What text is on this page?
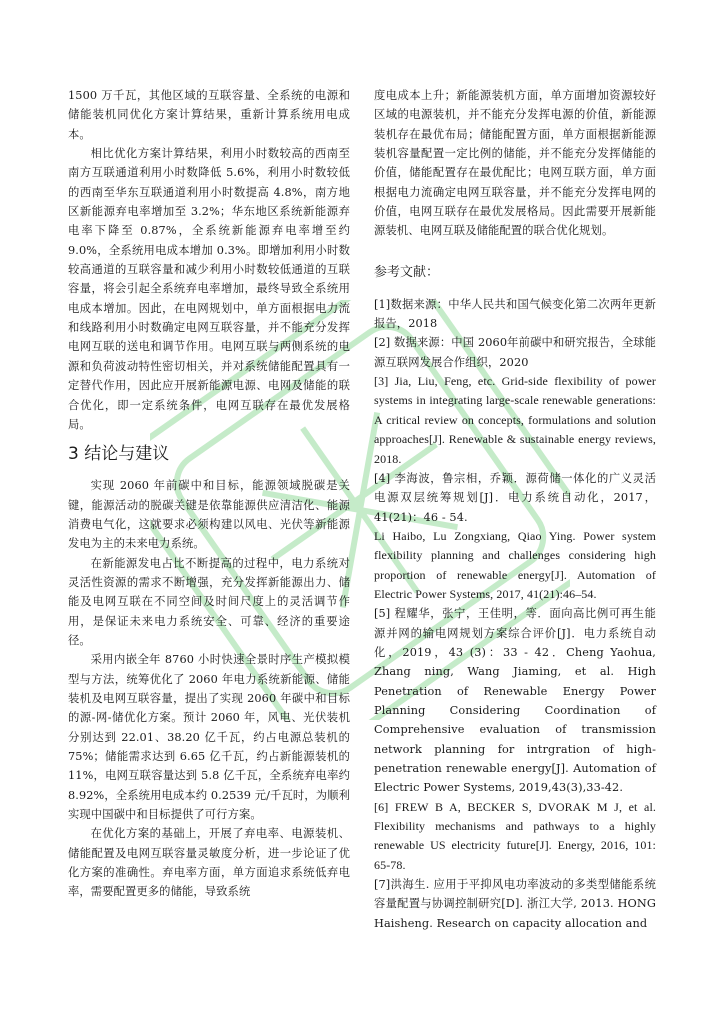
1500 万千瓦，其他区域的互联容量、全系统的电源和储能装机同优化方案计算结果，重新计算系统用电成本。

相比优化方案计算结果，利用小时数较高的西南至南方互联通道利用小时数降低 5.6%，利用小时数较低的西南至华东互联通道利用小时数提高 4.8%，南方地区新能源弃电率增加至 3.2%；华东地区系统新能源弃电率下降至 0.87%，全系统新能源弃电率增至约 9.0%，全系统用电成本增加 0.3%。即增加利用小时数较高通道的互联容量和减少利用小时数较低通道的互联容量，将会引起全系统弃电率增加，最终导致全系统用电成本增加。因此，在电网规划中，单方面根据电力流和线路利用小时数确定电网互联容量，并不能充分发挥电网互联的送电和调节作用。电网互联与两侧系统的电源和负荷波动特性密切相关，并对系统储能配置具有一定替代作用，因此应开展新能源电源、电网及储能的联合优化，即一定系统条件，电网互联存在最优发展格局。

3 结论与建议

实现 2060 年前碳中和目标，能源领域脱碳是关键，能源活动的脱碳关键是依靠能源供应清洁化、能源消费电气化，这就要求必须构建以风电、光伏等新能源发电为主的未来电力系统。

在新能源发电占比不断提高的过程中，电力系统对灵活性资源的需求不断增强，充分发挥新能源出力、储能及电网互联在不同空间及时间尺度上的灵活调节作用，是保证未来电力系统安全、可靠、经济的重要途径。

采用内嵌全年 8760 小时快速全景时序生产模拟模型与方法，统筹优化了 2060 年电力系统新能源、储能装机及电网互联容量，提出了实现 2060 年碳中和目标的源-网-储优化方案。预计 2060 年，风电、光伏装机分别达到 22.01、38.20 亿千瓦，约占电源总装机的 75%；储能需求达到 6.65 亿千瓦，约占新能源装机的 11%，电网互联容量达到 5.8 亿千瓦，全系统弃电率约 8.92%，全系统用电成本约 0.2539 元/千瓦时，为顺利实现中国碳中和目标提供了可行方案。

在优化方案的基础上，开展了弃电率、电源装机、储能配置及电网互联容量灵敏度分析，进一步论证了优化方案的准确性。弃电率方面，单方面追求系统低弃电率，需要配置更多的储能，导致系统

度电成本上升；新能源装机方面，单方面增加资源较好区域的电源装机，并不能充分发挥电源的价值，新能源装机存在最优布局；储能配置方面，单方面根据新能源装机容量配置一定比例的储能，并不能充分发挥储能的价值，储能配置存在最优配比；电网互联方面，单方面根据电力流确定电网互联容量，并不能充分发挥电网的价值，电网互联存在最优发展格局。因此需要开展新能源装机、电网互联及储能配置的联合优化规划。

参考文献：

[1]数据来源：中华人民共和国气候变化第二次两年更新报告，2018

[2] 数据来源：中国 2060年前碳中和研究报告，全球能源互联网发展合作组织，2020

[3] Jia, Liu, Feng, etc. Grid-side flexibility of power systems in integrating large-scale renewable generations: A critical review on concepts, formulations and solution approaches[J]. Renewable & sustainable energy reviews, 2018.

[4] 李海波，鲁宗相，乔颖．源荷储一体化的广义灵活电源双层统筹规划[J]．电力系统自动化，2017，41(21)：46 - 54.

Li Haibo, Lu Zongxiang, Qiao Ying. Power system flexibility planning and challenges considering high proportion of renewable energy[J]. Automation of Electric Power Systems, 2017, 41(21):46–54.

[5] 程耀华，张宁，王佳明，等．面向高比例可再生能源并网的输电网规划方案综合评价[J]．电力系统自动化，2019，43 (3)：33 - 42．Cheng Yaohua, Zhang ning, Wang Jiaming, et al. High Penetration of Renewable Energy Power Planning Considering Coordination of Comprehensive evaluation of transmission network planning for intrgration of high-penetration renewable energy[J]. Automation of Electric Power Systems, 2019,43(3),33-42.

[6] FREW B A, BECKER S, DVORAK M J, et al. Flexibility mechanisms and pathways to a highly renewable US electricity future[J]. Energy, 2016, 101: 65-78.

[7]洪海生. 应用于平抑风电功率波动的多类型储能系统容量配置与协调控制研究[D]. 浙江大学, 2013. HONG Haisheng. Research on capacity allocation and
